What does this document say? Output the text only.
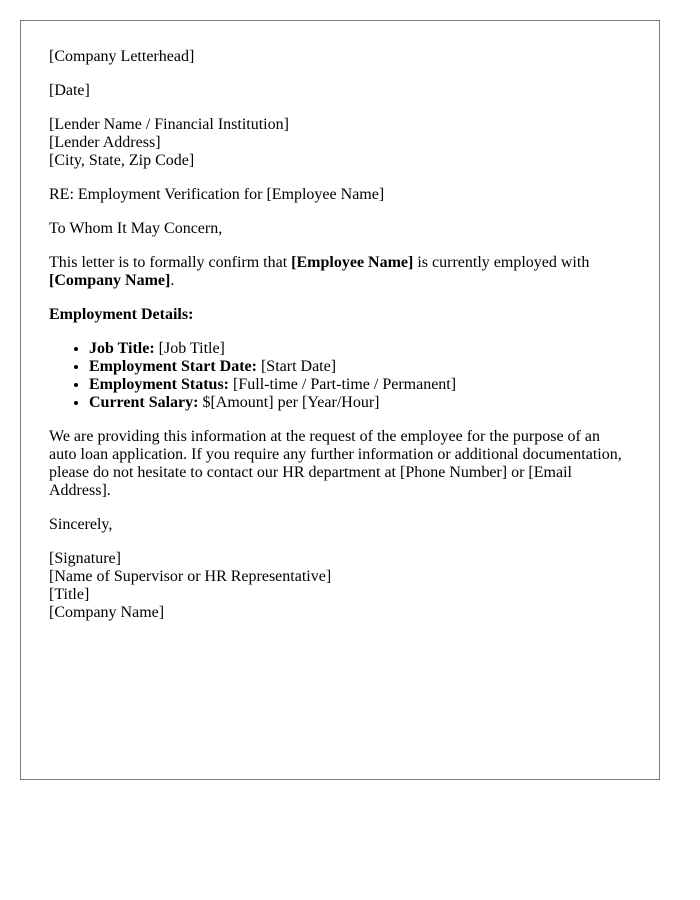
[Company Letterhead]

[Date]

[Lender Name / Financial Institution]
[Lender Address]
[City, State, Zip Code]

RE: Employment Verification for [Employee Name]

To Whom It May Concern,

This letter is to formally confirm that [Employee Name] is currently employed with [Company Name].

Employment Details:

• Job Title: [Job Title]
• Employment Start Date: [Start Date]
• Employment Status: [Full-time / Part-time / Permanent]
• Current Salary: $[Amount] per [Year/Hour]

We are providing this information at the request of the employee for the purpose of an auto loan application. If you require any further information or additional documentation, please do not hesitate to contact our HR department at [Phone Number] or [Email Address].

Sincerely,

[Signature]
[Name of Supervisor or HR Representative]
[Title]
[Company Name]
